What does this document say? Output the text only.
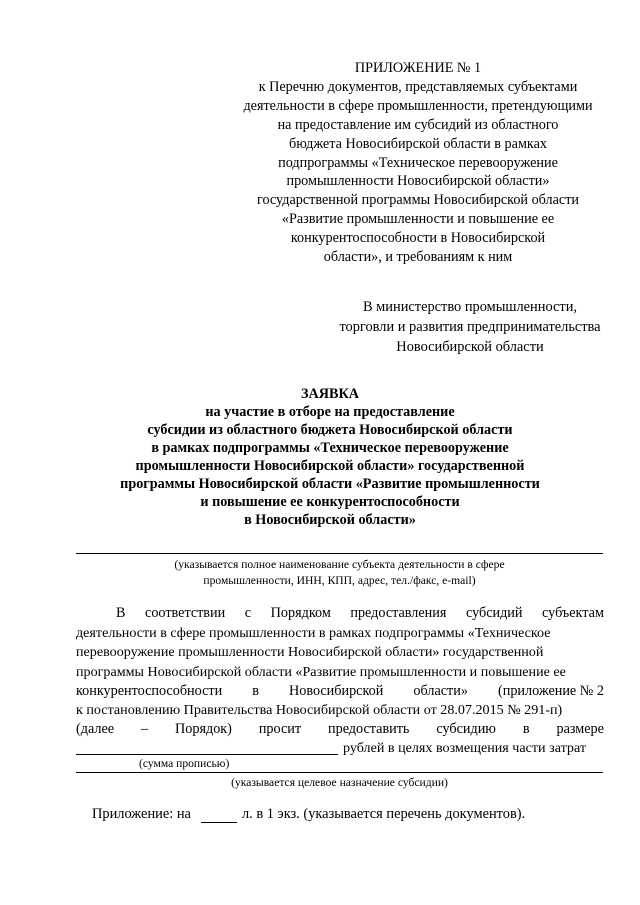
ПРИЛОЖЕНИЕ № 1
к Перечню документов, представляемых субъектами
деятельности в сфере промышленности, претендующими
на предоставление им субсидий из областного
бюджета Новосибирской области в рамках
подпрограммы «Техническое перевооружение
промышленности Новосибирской области»
государственной программы Новосибирской области
«Развитие промышленности и повышение ее
конкурентоспособности в Новосибирской
области», и требованиям к ним
В министерство промышленности,
торговли и развития предпринимательства
Новосибирской области
ЗАЯВКА
на участие в отборе на предоставление
субсидии из областного бюджета Новосибирской области
в рамках подпрограммы «Техническое перевооружение
промышленности Новосибирской области» государственной
программы Новосибирской области «Развитие промышленности
и повышение ее конкурентоспособности
в Новосибирской области»
(указывается полное наименование субъекта деятельности в сфере
промышленности, ИНН, КПП, адрес, тел./факс, e-mail)
В соответствии с Порядком предоставления субсидий субъектам
деятельности в сфере промышленности в рамках подпрограммы «Техническое
перевооружение промышленности Новосибирской области» государственной
программы Новосибирской области «Развитие промышленности и повышение ее
конкурентоспособности в Новосибирской области» (приложение № 2
к постановлению Правительства Новосибирской области от 28.07.2015 № 291-п)
(далее – Порядок) просит предоставить субсидию в размере
рублей в целях возмещения части затрат
(сумма прописью)
(указывается целевое назначение субсидии)
Приложение: на	л. в 1 экз. (указывается перечень документов).
